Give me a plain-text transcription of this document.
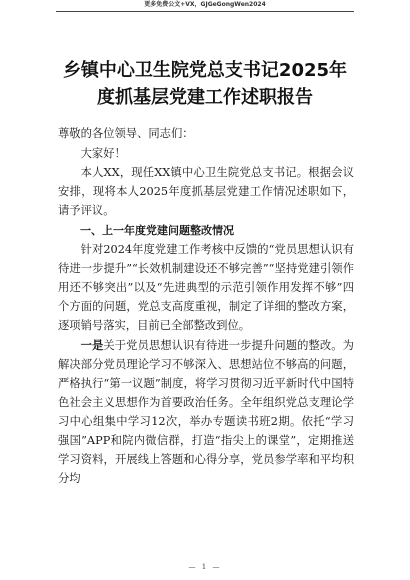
更多免费公文+VX，GJGeGongWen2024
乡镇中心卫生院党总支书记2025年度抓基层党建工作述职报告

尊敬的各位领导、同志们：

大家好！

本人XX，现任XX镇中心卫生院党总支书记。根据会议安排，现将本人2025年度抓基层党建工作情况述职如下，请予评议。

一、上一年度党建问题整改情况

针对2024年度党建工作考核中反馈的“党员思想认识有待进一步提升”“长效机制建设还不够完善”“坚持党建引领作用还不够突出”以及“先进典型的示范引领作用发挥不够”四个方面的问题，党总支高度重视，制定了详细的整改方案，逐项销号落实，目前已全部整改到位。

一是关于党员思想认识有待进一步提升问题的整改。为解决部分党员理论学习不够深入、思想站位不够高的问题，严格执行“第一议题”制度，将学习贯彻习近平新时代中国特色社会主义思想作为首要政治任务。全年组织党总支理论学习中心组集中学习12次，举办专题读书班2期。依托“学习强国”APP和院内微信群，打造“指尖上的课堂”，定期推送学习资料，开展线上答题和心得分享，党员参学率和平均积分均

— 1 —
